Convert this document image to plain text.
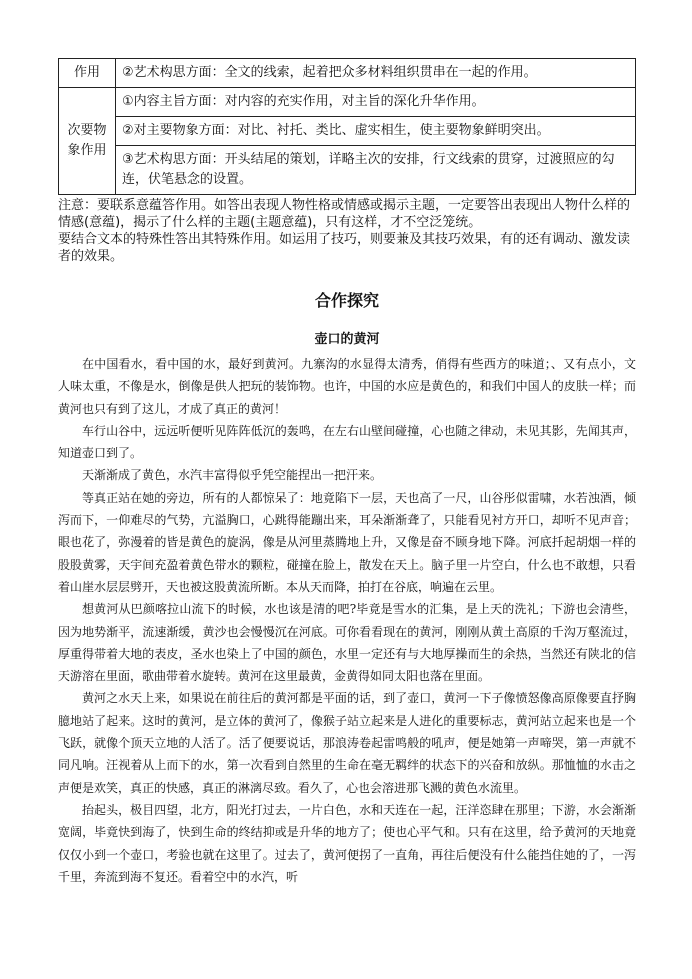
作用	②艺术构思方面：全文的线索，起着把众多材料组织贯串在一起的作用。
次要物象作用	①内容主旨方面：对内容的充实作用，对主旨的深化升华作用。
	②对主要物象方面：对比、衬托、类比、虚实相生，使主要物象鲜明突出。
	③艺术构思方面：开头结尾的策划，详略主次的安排，行文线索的贯穿，过渡照应的勾连，伏笔悬念的设置。

注意：要联系意蕴答作用。如答出表现人物性格或情感或揭示主题，一定要答出表现出人物什么样的情感(意蕴)，揭示了什么样的主题(主题意蕴)，只有这样，才不空泛笼统。

要结合文本的特殊性答出其特殊作用。如运用了技巧，则要兼及其技巧效果，有的还有调动、激发读者的效果。

合作探究
壶口的黄河

在中国看水，看中国的水，最好到黄河。九寨沟的水显得太清秀，俏得有些西方的味道；、又有点小，文人味太重，不像是水，倒像是供人把玩的装饰物。也许，中国的水应是黄色的，和我们中国人的皮肤一样；而黄河也只有到了这儿，才成了真正的黄河！

车行山谷中，远远听便听见阵阵低沉的轰鸣，在左右山壁间碰撞，心也随之律动，未见其影，先闻其声，知道壶口到了。

天渐渐成了黄色，水汽丰富得似乎凭空能捏出一把汗来。

等真正站在她的旁边，所有的人都惊呆了：地竟陷下一层，天也高了一尺，山谷彤似雷啸，水若浊酒，倾泻而下，一仰难尽的气势，亢溢胸口，心跳得能蹦出来，耳朵渐渐聋了，只能看见衬方开口，却听不见声音；眼也花了，弥漫着的皆是黄色的旋涡，像是从河里蒸腾地上升，又像是奋不顾身地下降。河底扦起胡烟一样的股股黄雾，天宇间充盈着黄色带水的颗粒，碰撞在脸上，散发在天上。脑子里一片空白，什么也不敢想，只看着山崖水层层劈开，天也被这股黄流所断。本从天而降，拍打在谷底，响遍在云里。

想黄河从巴颜喀拉山流下的时候，水也该是清的吧?毕竟是雪水的汇集，是上天的洗礼；下游也会清些，因为地势渐平，流速渐缓，黄沙也会慢慢沉在河底。可你看看现在的黄河，刚刚从黄土高原的千沟万壑流过，厚重得带着大地的表皮，圣水也染上了中国的颜色，水里一定还有与大地厚操而生的余热，当然还有陕北的信天游溶在里面，歌曲带着水旋转。黄河在这里最黄，金黄得如同太阳也落在里面。

黄河之水天上来，如果说在前往后的黄河都是平面的话，到了壶口，黄河一下子像愤怒像高原像要直抒胸臆地站了起来。这时的黄河，是立体的黄河了，像猴子站立起来是人进化的重要标志，黄河站立起来也是一个飞跃，就像个顶天立地的人活了。活了便要说话，那浪涛卷起雷鸣般的吼声，便是她第一声啼哭，第一声就不同凡响。汪视着从上而下的水，第一次看到自然里的生命在毫无羁绊的状态下的兴奋和放纵。那恤恤的水击之声便是欢笑，真正的快感，真正的淋漓尽致。看久了，心也会溶进那飞溅的黄色水流里。

抬起头，极目四望，北方，阳光打过去，一片白色，水和天连在一起，汪洋恣肆在那里；下游，水会渐渐宽阔，毕竟快到海了，快到生命的终结抑或是升华的地方了；使也心平气和。只有在这里，给予黄河的天地竟仅仅小到一个壶口，考验也就在这里了。过去了，黄河便拐了一直角，再往后便没有什么能挡住她的了，一泻千里，奔流到海不复还。看着空中的水汽，听
